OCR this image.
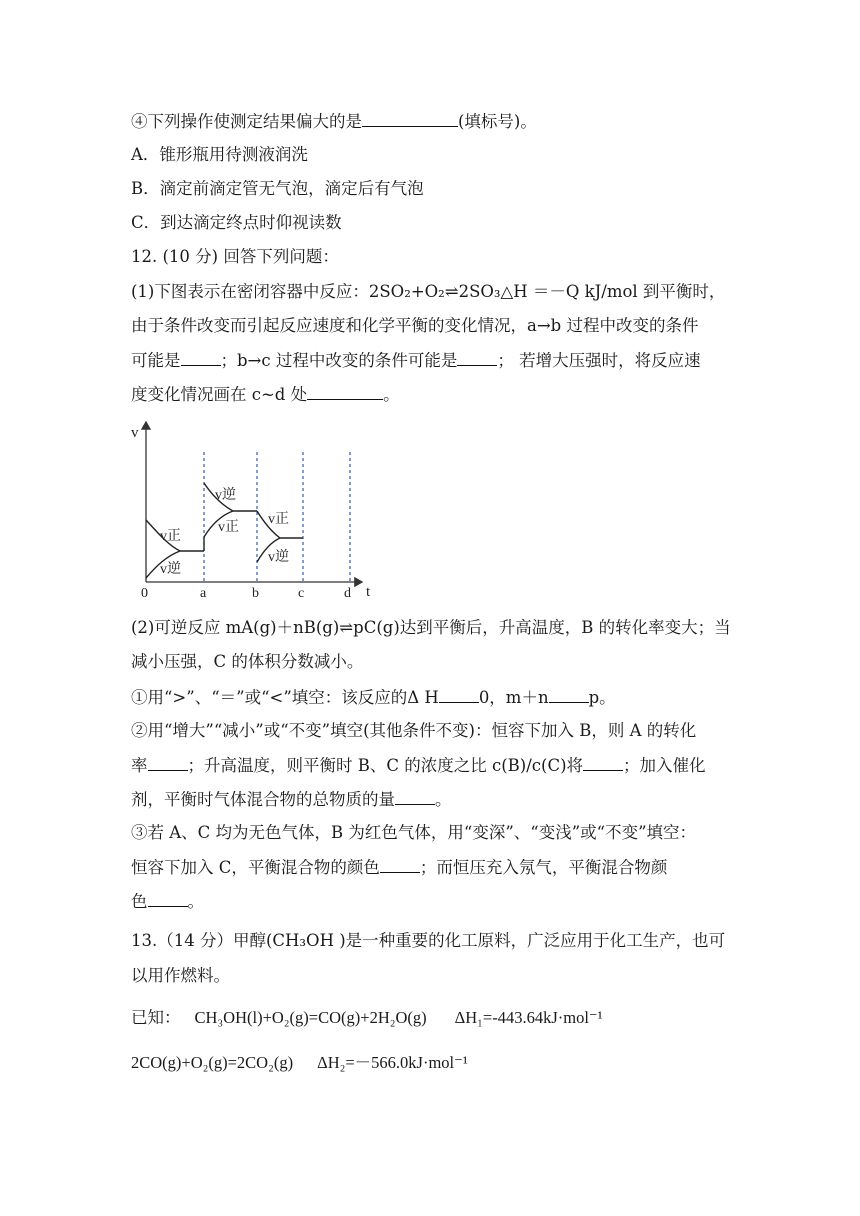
④下列操作使测定结果偏大的是	(填标号)。
A．锥形瓶用待测液润洗
B．滴定前滴定管无气泡，滴定后有气泡
C．到达滴定终点时仰视读数
12. (10 分) 回答下列问题：
(1)下图表示在密闭容器中反应：2SO₂+O₂⇌2SO₃△H ＝－Q kJ/mol 到平衡时，
由于条件改变而引起反应速度和化学平衡的变化情况，a→b 过程中改变的条件
可能是 ；b→c 过程中改变的条件可能是 ； 若增大压强时，将反应速
度变化情况画在 c~d 处	。
v
t
0	a	b	c	d
v正
v逆
v逆
v正
v正
v逆
(2)可逆反应 mA(g)＋nB(g)⇌pC(g)达到平衡后，升高温度，B 的转化率变大；当
减小压强，C 的体积分数减小。
①用“>”、“＝”或“<”填空：该反应的Δ H 0，m＋n p。
②用“增大”“减小”或“不变”填空(其他条件不变)：恒容下加入 B，则 A 的转化
率 ；升高温度，则平衡时 B、C 的浓度之比 c(B)/c(C)将 ；加入催化
剂，平衡时气体混合物的总物质的量 。
③若 A、C 均为无色气体，B 为红色气体，用“变深”、“变浅”或“不变”填空：
恒容下加入 C，平衡混合物的颜色 ；而恒压充入氖气，平衡混合物颜
色 。
13.（14 分）甲醇(CH₃OH )是一种重要的化工原料，广泛应用于化工生产，也可
以用作燃料。
已知： CH₃OH(l)+O₂(g)=CO(g)+2H₂O(g) ΔH₁=-443.64kJ·mol⁻¹
2CO(g)+O₂(g)=2CO₂(g) ΔH₂=－566.0kJ·mol⁻¹
